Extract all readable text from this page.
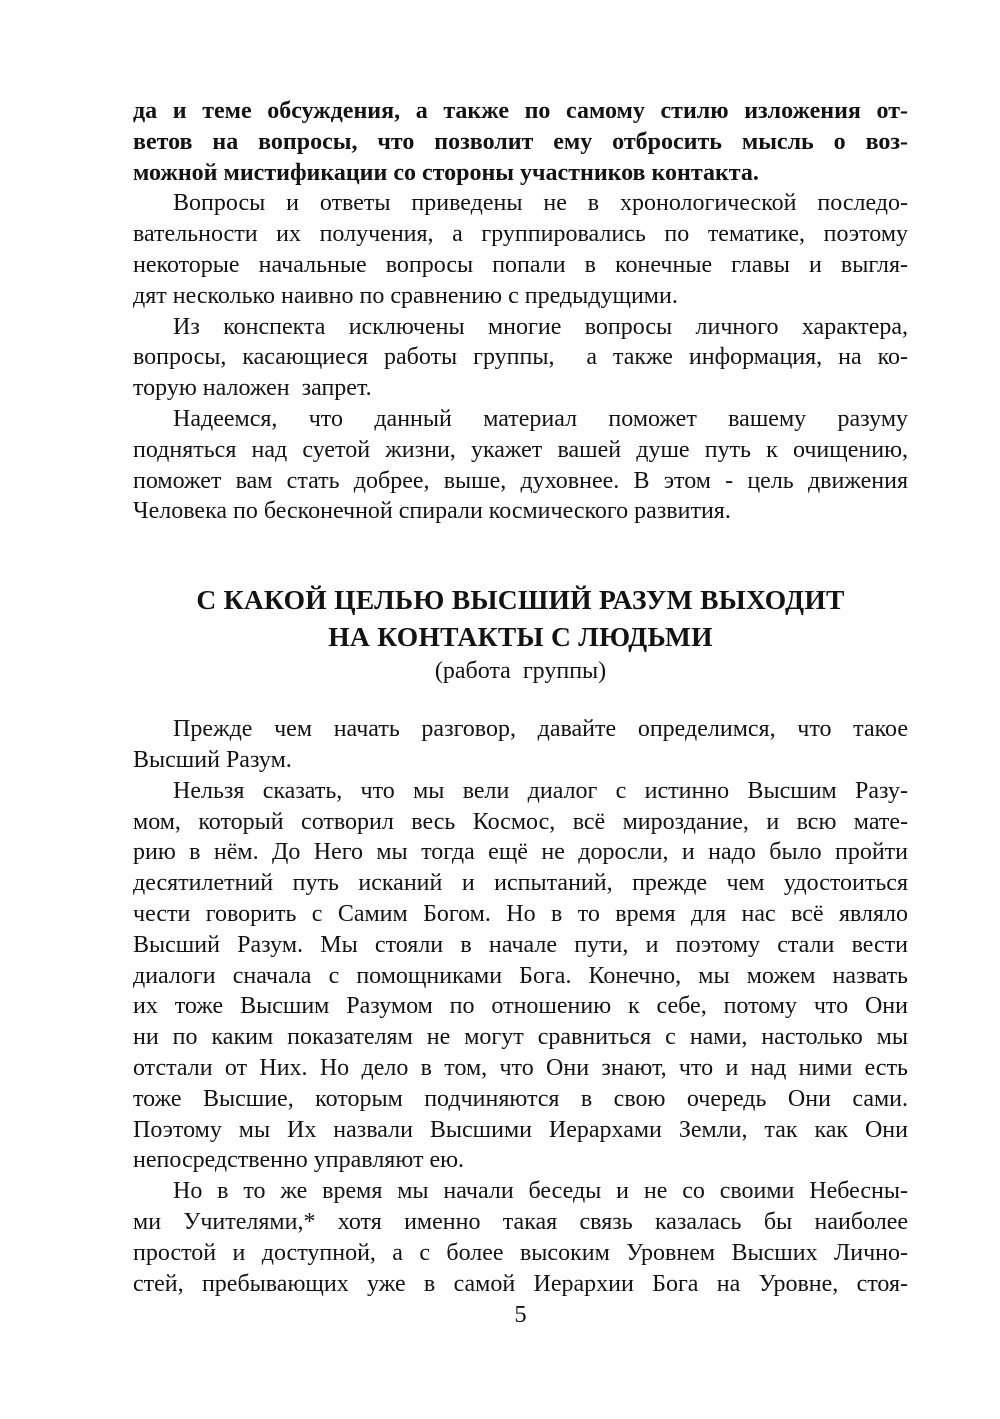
да и теме обсуждения, а также по самому стилю изложения от-
ветов на вопросы, что позволит ему отбросить мысль о воз-
можной мистификации со стороны участников контакта.
Вопросы и ответы приведены не в хронологической последо-
вательности их получения, а группировались по тематике, поэтому
некоторые начальные вопросы попали в конечные главы и выгля-
дят несколько наивно по сравнению с предыдущими.
Из конспекта исключены многие вопросы личного характера,
вопросы, касающиеся работы группы,  а также информация, на ко-
торую наложен  запрет.
Надеемся, что данный материал поможет вашему разуму
подняться над суетой жизни, укажет вашей душе путь к очищению,
поможет вам стать добрее, выше, духовнее. В этом - цель движения
Человека по бесконечной спирали космического развития.
С КАКОЙ ЦЕЛЬЮ ВЫСШИЙ РАЗУМ ВЫХОДИТ
НА КОНТАКТЫ С ЛЮДЬМИ
(работа  группы)
Прежде чем начать разговор, давайте определимся, что такое
Высший Разум.
Нельзя сказать, что мы вели диалог с истинно Высшим Разу-
мом, который сотворил весь Космос, всё мироздание, и всю мате-
рию в нём. До Него мы тогда ещё не доросли, и надо было пройти
десятилетний путь исканий и испытаний, прежде чем удостоиться
чести говорить с Самим Богом. Но в то время для нас всё являло
Высший Разум. Мы стояли в начале пути, и поэтому стали вести
диалоги сначала с помощниками Бога. Конечно, мы можем назвать
их тоже Высшим Разумом по отношению к себе, потому что Они
ни по каким показателям не могут сравниться с нами, настолько мы
отстали от Них. Но дело в том, что Они знают, что и над ними есть
тоже Высшие, которым подчиняются в свою очередь Они сами.
Поэтому мы Их назвали Высшими Иерархами Земли, так как Они
непосредственно управляют ею.
Но в то же время мы начали беседы и не со своими Небесны-
ми Учителями,* хотя именно такая связь казалась бы наиболее
простой и доступной, а с более высоким Уровнем Высших Лично-
стей, пребывающих уже в самой Иерархии Бога на Уровне, стоя-
5
